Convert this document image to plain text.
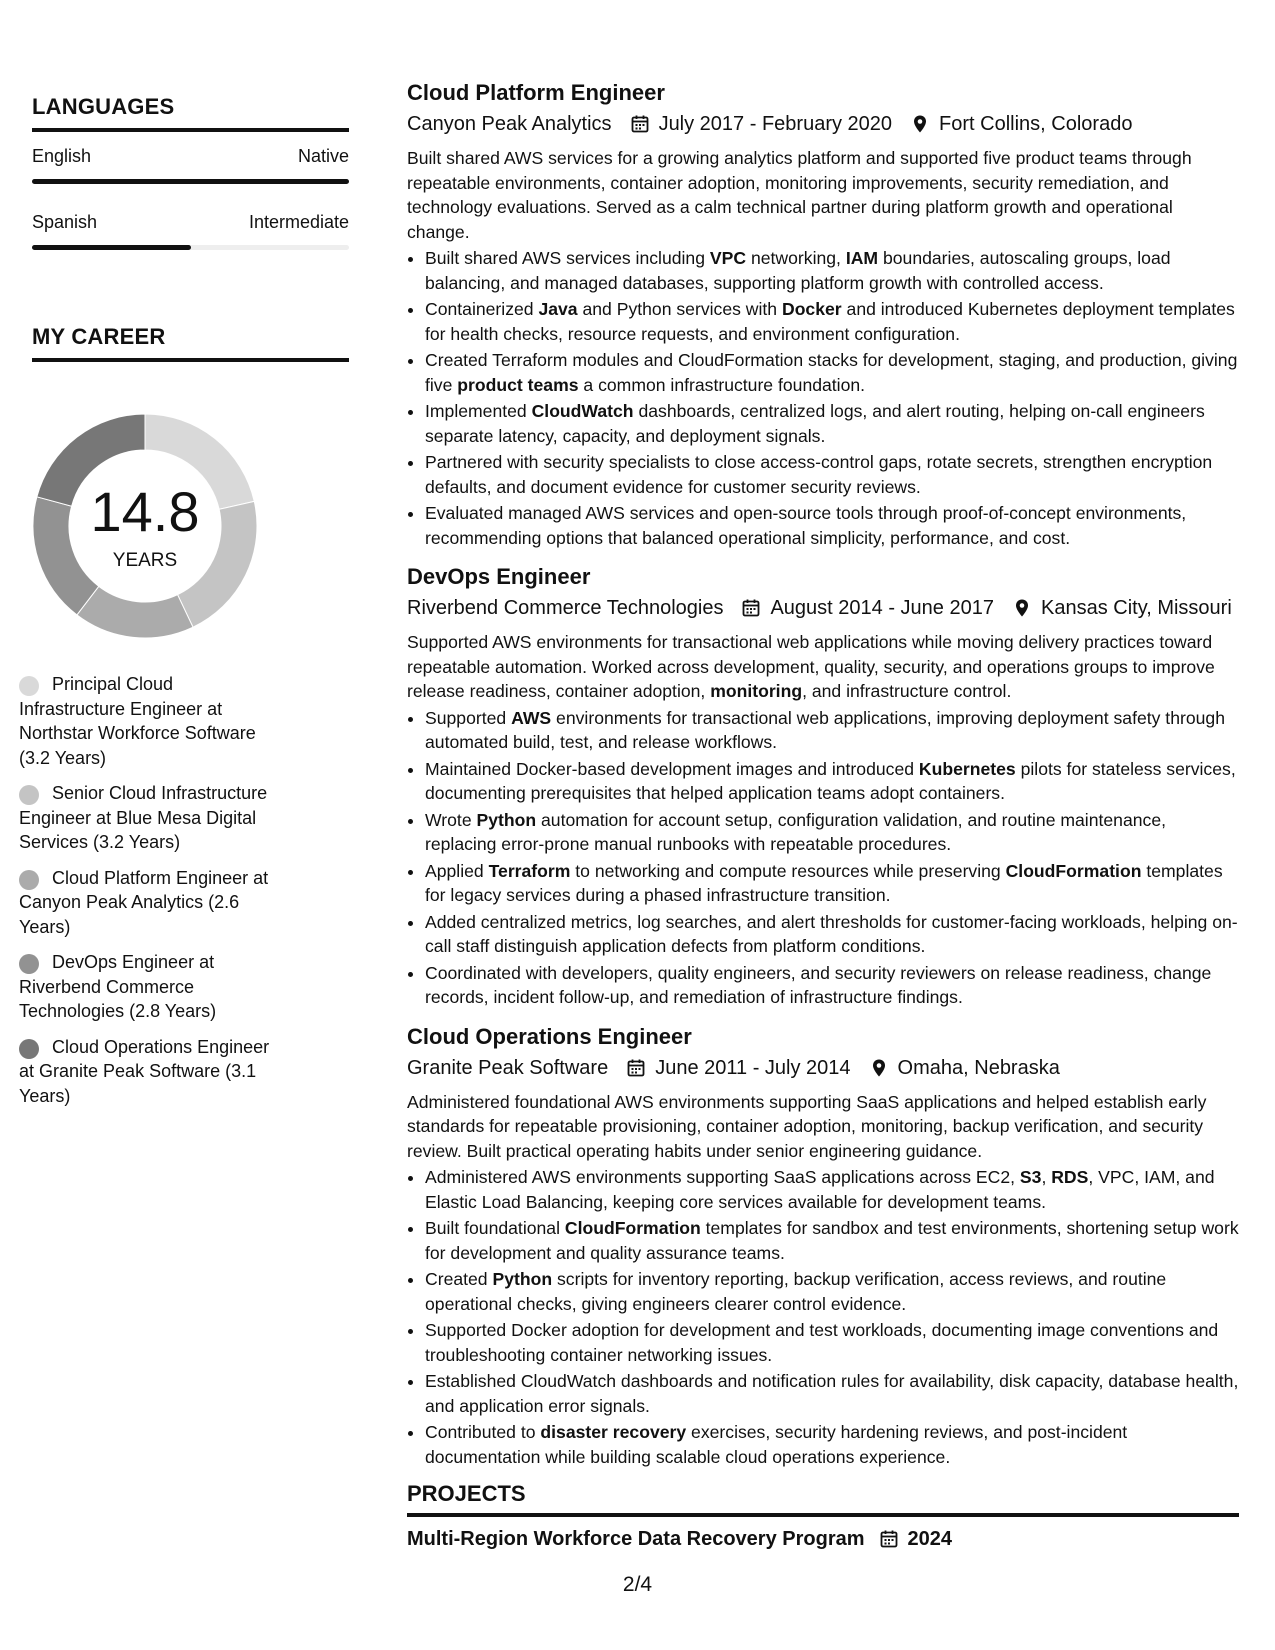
LANGUAGES
English	Native
Spanish	Intermediate
MY CAREER
14.8
YEARS
Principal Cloud Infrastructure Engineer at Northstar Workforce Software (3.2 Years)
Senior Cloud Infrastructure Engineer at Blue Mesa Digital Services (3.2 Years)
Cloud Platform Engineer at Canyon Peak Analytics (2.6 Years)
DevOps Engineer at Riverbend Commerce Technologies (2.8 Years)
Cloud Operations Engineer at Granite Peak Software (3.1 Years)
Cloud Platform Engineer
Canyon Peak Analytics July 2017 - February 2020 Fort Collins, Colorado
Built shared AWS services for a growing analytics platform and supported five product teams through repeatable environments, container adoption, monitoring improvements, security remediation, and technology evaluations. Served as a calm technical partner during platform growth and operational change.
• Built shared AWS services including VPC networking, IAM boundaries, autoscaling groups, load balancing, and managed databases, supporting platform growth with controlled access.
• Containerized Java and Python services with Docker and introduced Kubernetes deployment templates for health checks, resource requests, and environment configuration.
• Created Terraform modules and CloudFormation stacks for development, staging, and production, giving five product teams a common infrastructure foundation.
• Implemented CloudWatch dashboards, centralized logs, and alert routing, helping on-call engineers separate latency, capacity, and deployment signals.
• Partnered with security specialists to close access-control gaps, rotate secrets, strengthen encryption defaults, and document evidence for customer security reviews.
• Evaluated managed AWS services and open-source tools through proof-of-concept environments, recommending options that balanced operational simplicity, performance, and cost.
DevOps Engineer
Riverbend Commerce Technologies August 2014 - June 2017 Kansas City, Missouri
Supported AWS environments for transactional web applications while moving delivery practices toward repeatable automation. Worked across development, quality, security, and operations groups to improve release readiness, container adoption, monitoring, and infrastructure control.
• Supported AWS environments for transactional web applications, improving deployment safety through automated build, test, and release workflows.
• Maintained Docker-based development images and introduced Kubernetes pilots for stateless services, documenting prerequisites that helped application teams adopt containers.
• Wrote Python automation for account setup, configuration validation, and routine maintenance, replacing error-prone manual runbooks with repeatable procedures.
• Applied Terraform to networking and compute resources while preserving CloudFormation templates for legacy services during a phased infrastructure transition.
• Added centralized metrics, log searches, and alert thresholds for customer-facing workloads, helping on-call staff distinguish application defects from platform conditions.
• Coordinated with developers, quality engineers, and security reviewers on release readiness, change records, incident follow-up, and remediation of infrastructure findings.
Cloud Operations Engineer
Granite Peak Software June 2011 - July 2014 Omaha, Nebraska
Administered foundational AWS environments supporting SaaS applications and helped establish early standards for repeatable provisioning, container adoption, monitoring, backup verification, and security review. Built practical operating habits under senior engineering guidance.
• Administered AWS environments supporting SaaS applications across EC2, S3, RDS, VPC, IAM, and Elastic Load Balancing, keeping core services available for development teams.
• Built foundational CloudFormation templates for sandbox and test environments, shortening setup work for development and quality assurance teams.
• Created Python scripts for inventory reporting, backup verification, access reviews, and routine operational checks, giving engineers clearer control evidence.
• Supported Docker adoption for development and test workloads, documenting image conventions and troubleshooting container networking issues.
• Established CloudWatch dashboards and notification rules for availability, disk capacity, database health, and application error signals.
• Contributed to disaster recovery exercises, security hardening reviews, and post-incident documentation while building scalable cloud operations experience.
PROJECTS
Multi-Region Workforce Data Recovery Program 2024
2/4
